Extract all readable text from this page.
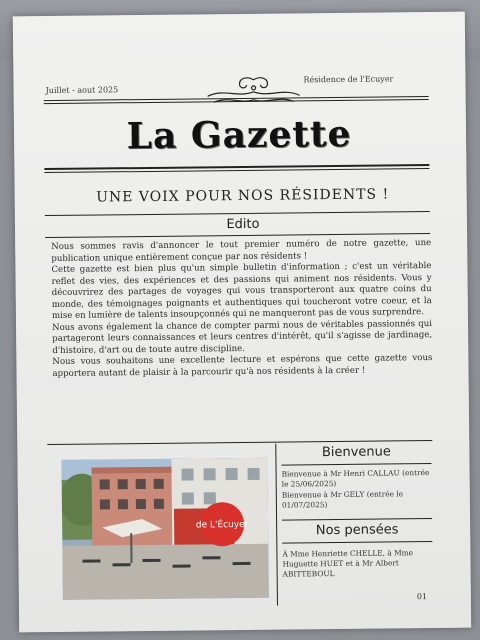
Juillet - aout 2025
Résidence de l'Ecuyer
La Gazette
UNE VOIX POUR NOS RÉSIDENTS !
Edito

Nous sommes ravis d'annoncer le tout premier numéro de notre gazette, une publication unique entièrement conçue par nos résidents !

Cette gazette est bien plus qu'un simple bulletin d'information ; c'est un véritable reflet des vies, des expériences et des passions qui animent nos résidents. Vous y découvrirez des partages de voyages qui vous transporteront aux quatre coins du monde, des témoignages poignants et authentiques qui toucheront votre coeur, et la mise en lumière de talents insoupçonnés qui ne manqueront pas de vous surprendre.

Nous avons également la chance de compter parmi nous de véritables passionnés qui partageront leurs connaissances et leurs centres d'intérêt, qu'il s'agisse de jardinage, d'histoire, d'art ou de toute autre discipline.

Nous vous souhaitons une excellente lecture et espérons que cette gazette vous apportera autant de plaisir à la parcourir qu'à nos résidents à la créer !

de L'Écuyer
Bienvenue

Bienvenue à Mr Henri CALLAU (entrée le 25/06/2025)

Bienvenue à Mr GELY (entrée le 01/07/2025)

Nos pensées
À Mme Henriette CHELLE, à Mme Huguette HUET et à Mr Albert ABITTEBOUL
01
